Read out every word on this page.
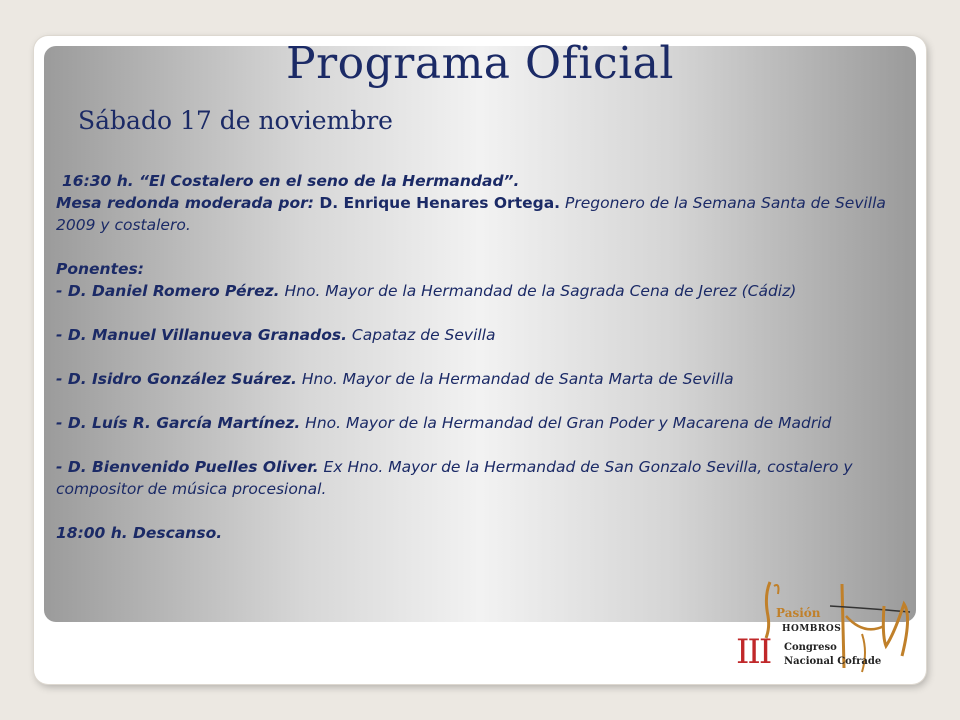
Programa Oficial
Sábado 17 de noviembre

16:30 h. “El Costalero en el seno de la Hermandad”.

Mesa redonda moderada por: D. Enrique Henares Ortega. Pregonero de la Semana Santa de Sevilla 2009 y costalero.

Ponentes:

- D. Daniel Romero Pérez. Hno. Mayor de la Hermandad de la Sagrada Cena de Jerez (Cádiz)

- D. Manuel Villanueva Granados. Capataz de Sevilla

- D. Isidro González Suárez. Hno. Mayor de la Hermandad de Santa Marta de Sevilla

- D. Luís R. García Martínez. Hno. Mayor de la Hermandad del Gran Poder y Macarena de Madrid

- D. Bienvenido Puelles Oliver. Ex Hno. Mayor de la Hermandad de San Gonzalo Sevilla, costalero y compositor de música procesional.

18:00 h. Descanso.

Pasión
HOMBROS
III Congreso
Nacional Cofrade
